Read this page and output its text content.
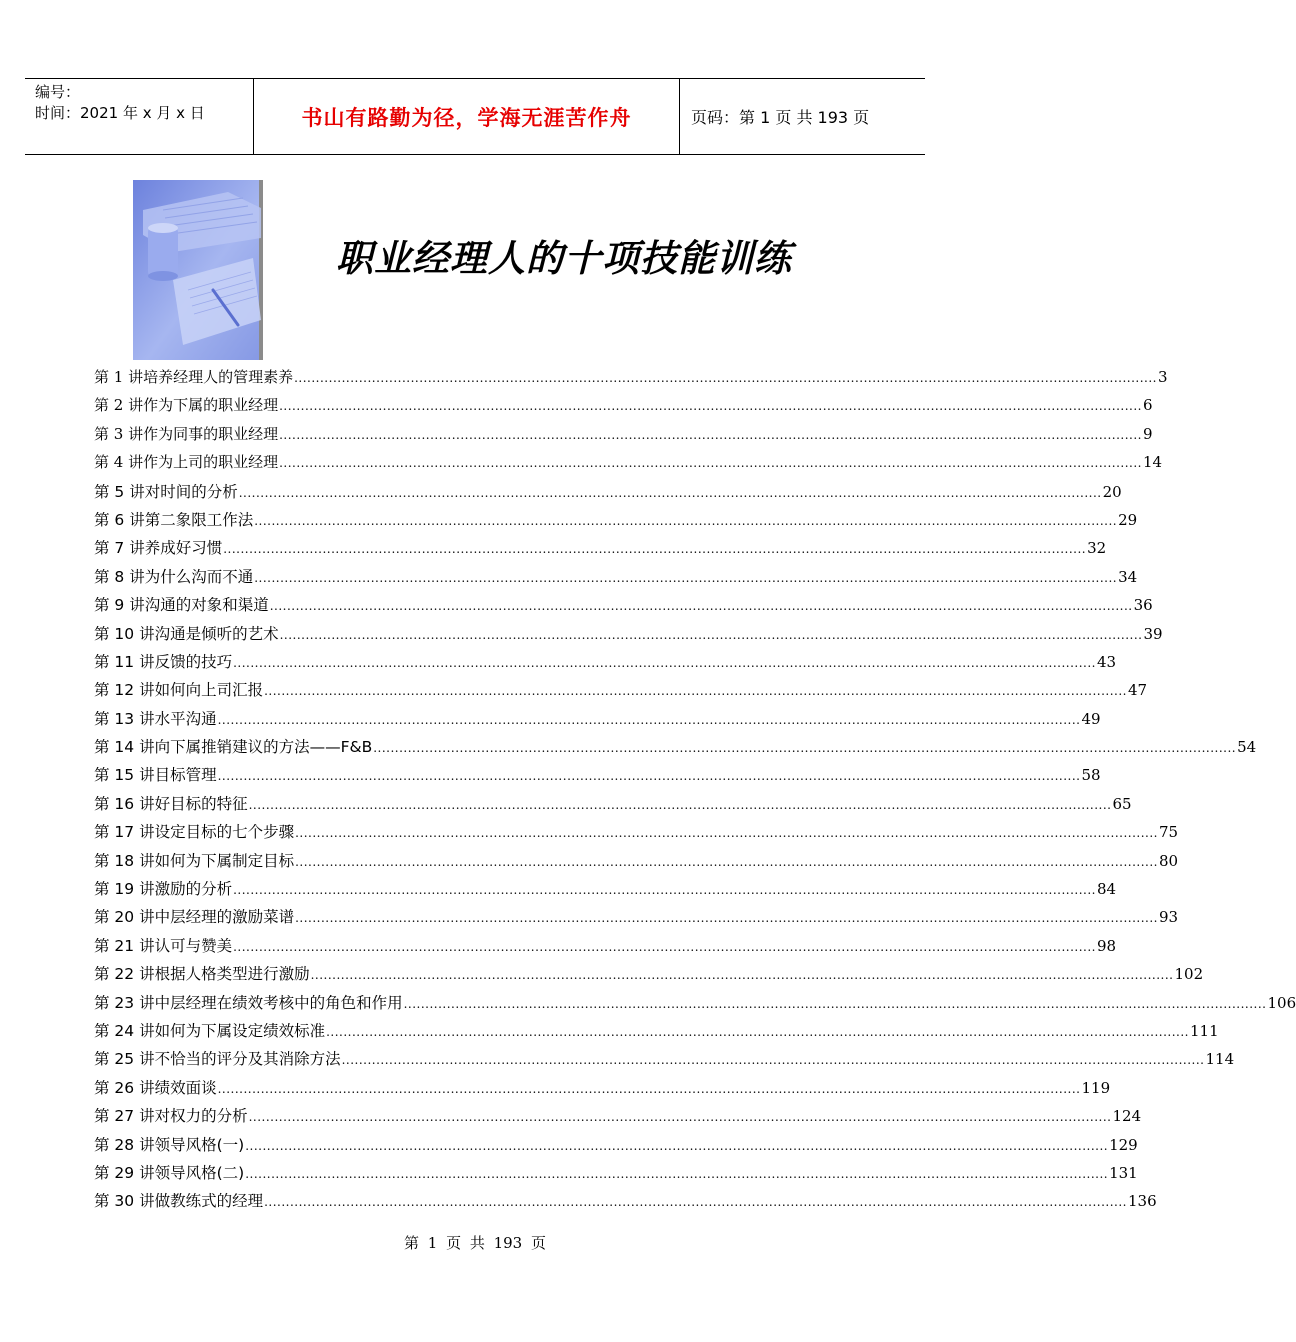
编号：
时间：2021 年 x 月 x 日	书山有路勤为径，学海无涯苦作舟	页码：第 1 页 共 193 页
职业经理人的十项技能训练
第 1 讲 培养经理人的管理素养 ........................................................................................................................................................................................................ 3
第 2 讲 作为下属的职业经理 ........................................................................................................................................................................................................ 6
第 3 讲 作为同事的职业经理 ........................................................................................................................................................................................................ 9
第 4 讲 作为上司的职业经理 ........................................................................................................................................................................................................ 14
第 5 讲 对时间的分析 ........................................................................................................................................................................................................ 20
第 6 讲 第二象限工作法 ........................................................................................................................................................................................................ 29
第 7 讲 养成好习惯 ........................................................................................................................................................................................................ 32
第 8 讲 为什么沟而不通 ........................................................................................................................................................................................................ 34
第 9 讲 沟通的对象和渠道 ........................................................................................................................................................................................................ 36
第 10 讲 沟通是倾听的艺术 ........................................................................................................................................................................................................ 39
第 11 讲 反馈的技巧 ........................................................................................................................................................................................................ 43
第 12 讲 如何向上司汇报 ........................................................................................................................................................................................................ 47
第 13 讲 水平沟通 ........................................................................................................................................................................................................ 49
第 14 讲 向下属推销建议的方法——F&B ........................................................................................................................................................................................................ 54
第 15 讲 目标管理 ........................................................................................................................................................................................................ 58
第 16 讲 好目标的特征 ........................................................................................................................................................................................................ 65
第 17 讲 设定目标的七个步骤 ........................................................................................................................................................................................................ 75
第 18 讲 如何为下属制定目标 ........................................................................................................................................................................................................ 80
第 19 讲 激励的分析 ........................................................................................................................................................................................................ 84
第 20 讲 中层经理的激励菜谱 ........................................................................................................................................................................................................ 93
第 21 讲 认可与赞美 ........................................................................................................................................................................................................ 98
第 22 讲 根据人格类型进行激励 ........................................................................................................................................................................................................ 102
第 23 讲 中层经理在绩效考核中的角色和作用 ........................................................................................................................................................................................................ 106
第 24 讲 如何为下属设定绩效标准 ........................................................................................................................................................................................................ 111
第 25 讲 不恰当的评分及其消除方法 ........................................................................................................................................................................................................ 114
第 26 讲 绩效面谈 ........................................................................................................................................................................................................ 119
第 27 讲 对权力的分析 ........................................................................................................................................................................................................ 124
第 28 讲 领导风格(一) ........................................................................................................................................................................................................ 129
第 29 讲 领导风格(二) ........................................................................................................................................................................................................ 131
第 30 讲 做教练式的经理 ........................................................................................................................................................................................................ 136
第 1 页 共 193 页
